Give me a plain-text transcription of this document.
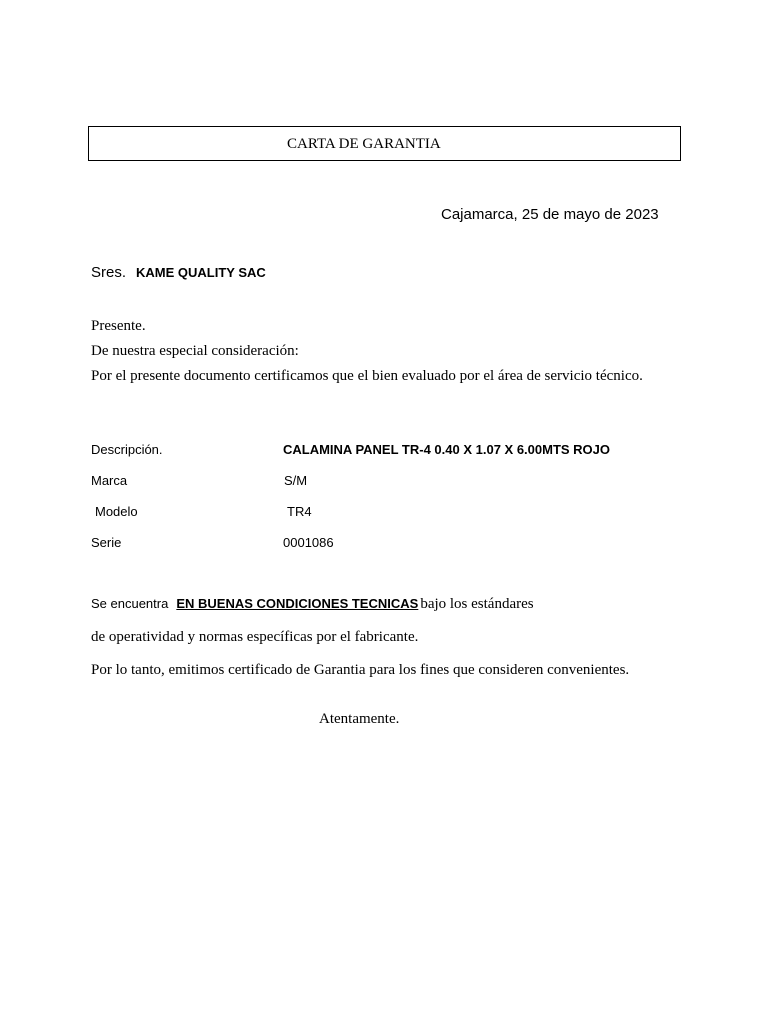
CARTA DE GARANTIA
Cajamarca, 25 de mayo de 2023
Sres. KAME QUALITY SAC
Presente.
De nuestra especial consideración:
Por el presente documento certificamos que el bien evaluado por el área de servicio técnico.
Descripción.	CALAMINA PANEL TR-4 0.40 X 1.07 X 6.00MTS ROJO
Marca	S/M
Modelo	TR4
Serie	0001086
Se encuentra EN BUENAS CONDICIONES TECNICAS bajo los estándares
de operatividad y normas específicas por el fabricante.
Por lo tanto, emitimos certificado de Garantia para los fines que consideren convenientes.
Atentamente.
